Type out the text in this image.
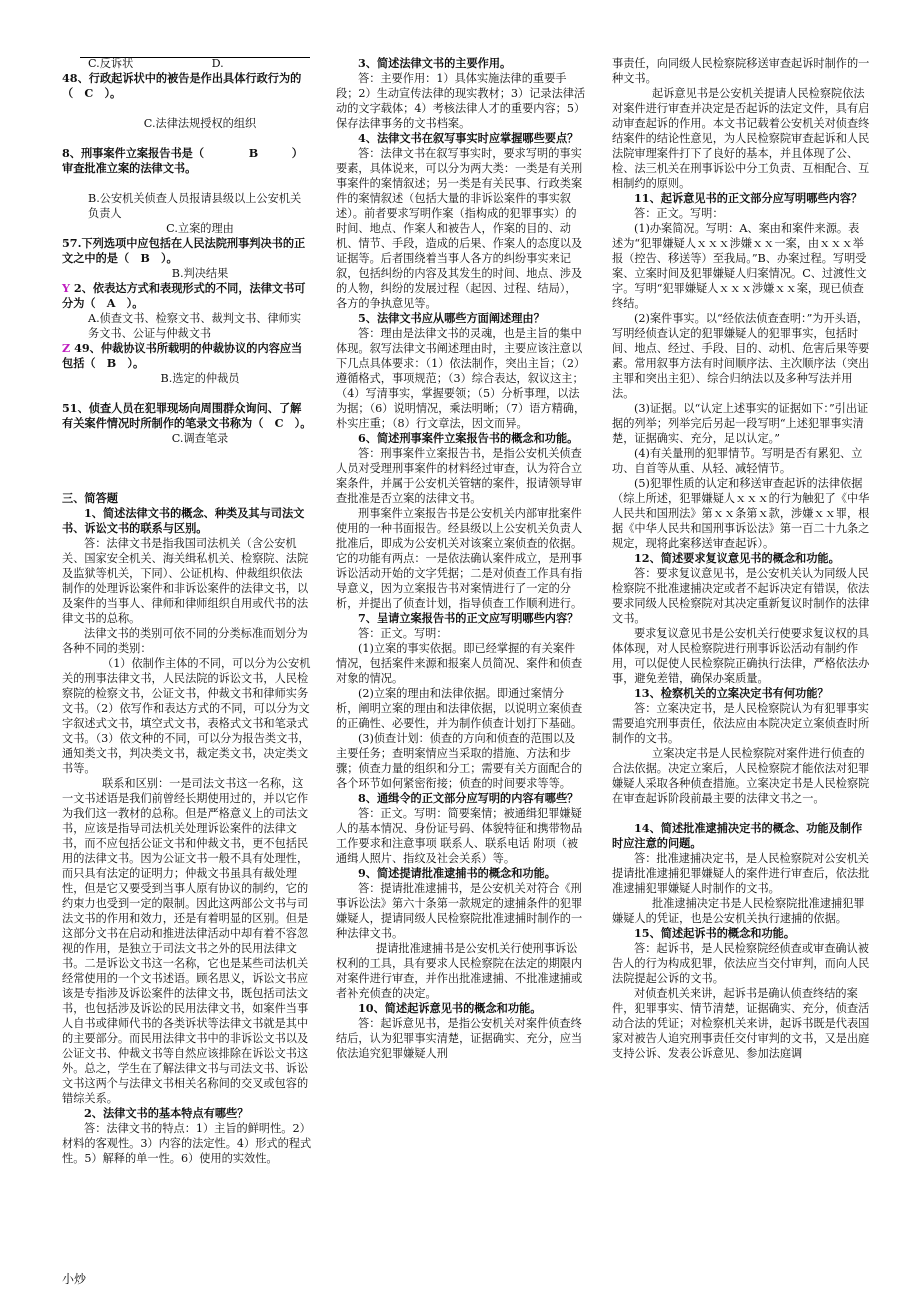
C.反诉状　　　　　　　D.

48、行政起诉状中的被告是作出具体行政行为的（　C　）。

C.法律法规授权的组织

8、刑事案件立案报告书是（　　　　B　　　）审查批准立案的法律文书。

B.公安机关侦查人员报请县级以上公安机关负责人

C.立案的理由

57.下列选项中应包括在人民法院刑事判决书的正文之中的是（　B　）。

B.判决结果

Y 2、依表达方式和表现形式的不同，法律文书可分为（　A　）。

A.侦查文书、检察文书、裁判文书、律师实务文书、公证与仲裁文书

Z 49、仲裁协议书所载明的仲裁协议的内容应当包括（　B　）。

B.选定的仲裁员

51、侦查人员在犯罪现场向周围群众询问、了解有关案件情况时所制作的笔录文书称为（　C　）。

C.调查笔录

三、简答题

1、简述法律文书的概念、种类及其与司法文书、诉讼文书的联系与区别。

答：法律文书是指我国司法机关（含公安机关、国家安全机关、海关缉私机关、检察院、法院及监狱等机关，下同）、公证机构、仲裁组织依法制作的处理诉讼案件和非诉讼案件的法律文书，以及案件的当事人、律师和律师组织自用或代书的法律文书的总称。

法律文书的类别可依不同的分类标准而划分为各种不同的类别：

（1）依制作主体的不同，可以分为公安机关的刑事法律文书，人民法院的诉讼文书，人民检察院的检察文书，公证文书，仲裁文书和律师实务文书。（2）依写作和表达方式的不同，可以分为文字叙述式文书，填空式文书，表格式文书和笔录式文书。（3）依文种的不同，可以分为报告类文书，通知类文书，判决类文书，裁定类文书，决定类文书等。

联系和区别：一是司法文书这一名称，这一文书述语是我们前曾经长期使用过的，并以它作为我们这一教材的总称。但是严格意义上的司法文书，应该是指导司法机关处理诉讼案件的法律文书，而不应包括公证文书和仲裁文书，更不包括民用的法律文书。因为公证文书一般不具有处理性，而只具有法定的证明力；仲裁文书虽具有裁处理性，但是它又要受到当事人原有协议的制约，它的约束力也受到一定的限制。因此这两部公文书与司法文书的作用和效力，还是有着明显的区别。但是这部分文书在启动和推进法律活动中却有着不容忽视的作用，是独立于司法文书之外的民用法律文书。二是诉讼文书这一名称，它也是某些司法机关经常使用的一个文书述语。顾名思义，诉讼文书应该是专指涉及诉讼案件的法律文书，既包括司法文书，也包括涉及诉讼的民用法律文书，如案件当事人自书或律师代书的各类诉状等法律文书就是其中的主要部分。而民用法律文书中的非诉讼文书以及公证文书、仲裁文书等自然应该排除在诉讼文书这外。总之，学生在了解法律文书与司法文书、诉讼文书这两个与法律文书相关名称间的交叉或包容的错综关系。

2、法律文书的基本特点有哪些？

答：法律文书的特点：1）主旨的鲜明性。2）材料的客观性。3）内容的法定性。4）形式的程式性。5）解释的单一性。6）使用的实效性。

3、简述法律文书的主要作用。

答：主要作用：1）具体实施法律的重要手段；2）生动宣传法律的现实教材；3）记录法律活动的文字载体；4）考核法律人才的重要内容；5）保存法律事务的文书档案。

4、法律文书在叙写事实时应掌握哪些要点？

答：法律文书在叙写事实时，要求写明的事实要素，具体说来，可以分为两大类：一类是有关刑事案件的案情叙述；另一类是有关民事、行政类案件的案情叙述（包括大量的非诉讼案件的事实叙述）。前者要求写明作案（指构成的犯罪事实）的时间、地点、作案人和被告人，作案的目的、动机、情节、手段，造成的后果、作案人的态度以及证据等。后者围绕着当事人各方的纠纷事实来记叙，包括纠纷的内容及其发生的时间、地点、涉及的人物，纠纷的发展过程（起因、过程、结局），各方的争执意见等。

5、法律文书应从哪些方面阐述理由？

答：理由是法律文书的灵魂，也是主旨的集中体现。叙写法律文书阐述理由时，主要应该注意以下几点具体要求：（1）依法制作，突出主旨；（2）遵循格式，事项规范；（3）综合表达，叙议这主；（4）写清事实，掌握要领；（5）分析事理，以法为据；（6）说明情况，乘法明晰；（7）语方精确，朴实庄重；（8）行文章法，因文而异。

6、简述刑事案件立案报告书的概念和功能。

答：刑事案件立案报告书，是指公安机关侦查人员对受理刑事案件的材料经过审查，认为符合立案条件，并属于公安机关管辖的案件，报请领导审查批准是否立案的法律文书。

刑事案件立案报告书是公安机关内部审批案件使用的一种书面报告。经县级以上公安机关负责人批准后，即成为公安机关对该案立案侦查的依据。它的功能有两点：一是依法确认案件成立，是刑事诉讼活动开始的文字凭据；二是对侦查工作具有指导意义，因为立案报告书对案情进行了一定的分析，并提出了侦查计划，指导侦查工作顺利进行。

7、呈请立案报告书的正文应写明哪些内容？

答：正文。写明：

(1)立案的事实依据。即已经掌握的有关案件情况，包括案件来源和报案人员简况、案件和侦查对象的情况。

(2)立案的理由和法律依据。即通过案情分析，阐明立案的理由和法律依据，以说明立案侦查的正确性、必要性，并为制作侦查计划打下基础。

(3)侦查计划：侦查的方向和侦查的范围以及主要任务；查明案情应当采取的措施、方法和步骤；侦查力量的组织和分工；需要有关方面配合的各个环节如何紧密衔接；侦查的时间要求等等。

8、通缉令的正文部分应写明的内容有哪些？

答：正文。写明：简要案情；被通缉犯罪嫌疑人的基本情况、身份证号码、体貌特征和携带物品 工作要求和注意事项 联系人、联系电话 附项（被通缉人照片、指纹及社会关系）等。

9、简述提请批准逮捕书的概念和功能。

答：提请批准逮捕书，是公安机关对符合《刑事诉讼法》第六十条第一款规定的逮捕条件的犯罪嫌疑人，提请同级人民检察院批准逮捕时制作的一种法律文书。

提请批准逮捕书是公安机关行使刑事诉讼权利的工具，具有要求人民检察院在法定的期限内对案件进行审查，并作出批准逮捕、不批准逮捕或者补充侦查的决定。

10、简述起诉意见书的概念和功能。

答：起诉意见书，是指公安机关对案件侦查终结后，认为犯罪事实清楚，证据确实、充分，应当依法追究犯罪嫌疑人刑

事责任，向同级人民检察院移送审查起诉时制作的一种文书。

起诉意见书是公安机关提请人民检察院依法对案件进行审查并决定是否起诉的法定文件，具有启动审查起诉的作用。本文书记载着公安机关对侦查终结案件的结论性意见，为人民检察院审查起诉和人民法院审理案件打下了良好的基本，并且体现了公、检、法三机关在刑事诉讼中分工负责、互相配合、互相制约的原则。

11、起诉意见书的正文部分应写明哪些内容？

答：正文。写明：

(1)办案简况。写明：A、案由和案件来源。表述为“犯罪嫌疑人ｘｘｘ涉嫌ｘｘ一案，由ｘｘｘ举报（控告、移送等）至我局。”B、办案过程。写明受案、立案时间及犯罪嫌疑人归案情况。C、过渡性文字。写明“犯罪嫌疑人ｘｘｘ涉嫌ｘｘ案，现已侦查终结。

(2)案件事实。以“经依法侦查查明：”为开头语，写明经侦查认定的犯罪嫌疑人的犯罪事实，包括时间、地点、经过、手段、目的、动机、危害后果等要素。常用叙事方法有时间顺序法、主次顺序法（突出主罪和突出主犯）、综合归纳法以及多种写法并用法。

(3)证据。以“认定上述事实的证据如下：”引出证据的列举；列举完后另起一段写明“上述犯罪事实清楚，证据确实、充分，足以认定。”

(4)有关量刑的犯罪情节。写明是否有累犯、立功、自首等从重、从轻、减轻情节。

(5)犯罪性质的认定和移送审查起诉的法律依据（综上所述，犯罪嫌疑人ｘｘｘ的行为触犯了《中华人民共和国刑法》第ｘｘ条第ｘ款，涉嫌ｘｘ罪，根据《中华人民共和国刑事诉讼法》第一百二十九条之规定，现将此案移送审查起诉）。

12、简述要求复议意见书的概念和功能。

答：要求复议意见书，是公安机关认为同级人民检察院不批准逮捕决定或者不起诉决定有错误，依法要求同级人民检察院对其决定重新复议时制作的法律文书。

要求复议意见书是公安机关行使要求复议权的具体体现，对人民检察院进行刑事诉讼活动有制约作用，可以促使人民检察院正确执行法律，严格依法办事，避免差错，确保办案质量。

13、检察机关的立案决定书有何功能？

答：立案决定书，是人民检察院认为有犯罪事实需要追究刑事责任，依法应由本院决定立案侦查时所制作的文书。

立案决定书是人民检察院对案件进行侦查的合法依据。决定立案后，人民检察院才能依法对犯罪嫌疑人采取各种侦查措施。立案决定书是人民检察院在审查起诉阶段前最主要的法律文书之一。

14、简述批准逮捕决定书的概念、功能及制作时应注意的问题。

答：批准逮捕决定书，是人民检察院对公安机关提请批准逮捕犯罪嫌疑人的案件进行审查后，依法批准逮捕犯罪嫌疑人时制作的文书。

批准逮捕决定书是人民检察院批准逮捕犯罪嫌疑人的凭证，也是公安机关执行逮捕的依据。

15、简述起诉书的概念和功能。

答：起诉书，是人民检察院经侦查或审查确认被告人的行为构成犯罪，依法应当交付审判，而向人民法院提起公诉的文书。

对侦查机关来讲，起诉书是确认侦查终结的案件，犯罪事实、情节清楚，证据确实、充分，侦查活动合法的凭证；对检察机关来讲，起诉书既是代表国家对被告人追究刑事责任交付审判的文书，又是出庭支持公诉、发表公诉意见、参加法庭调

小炒
